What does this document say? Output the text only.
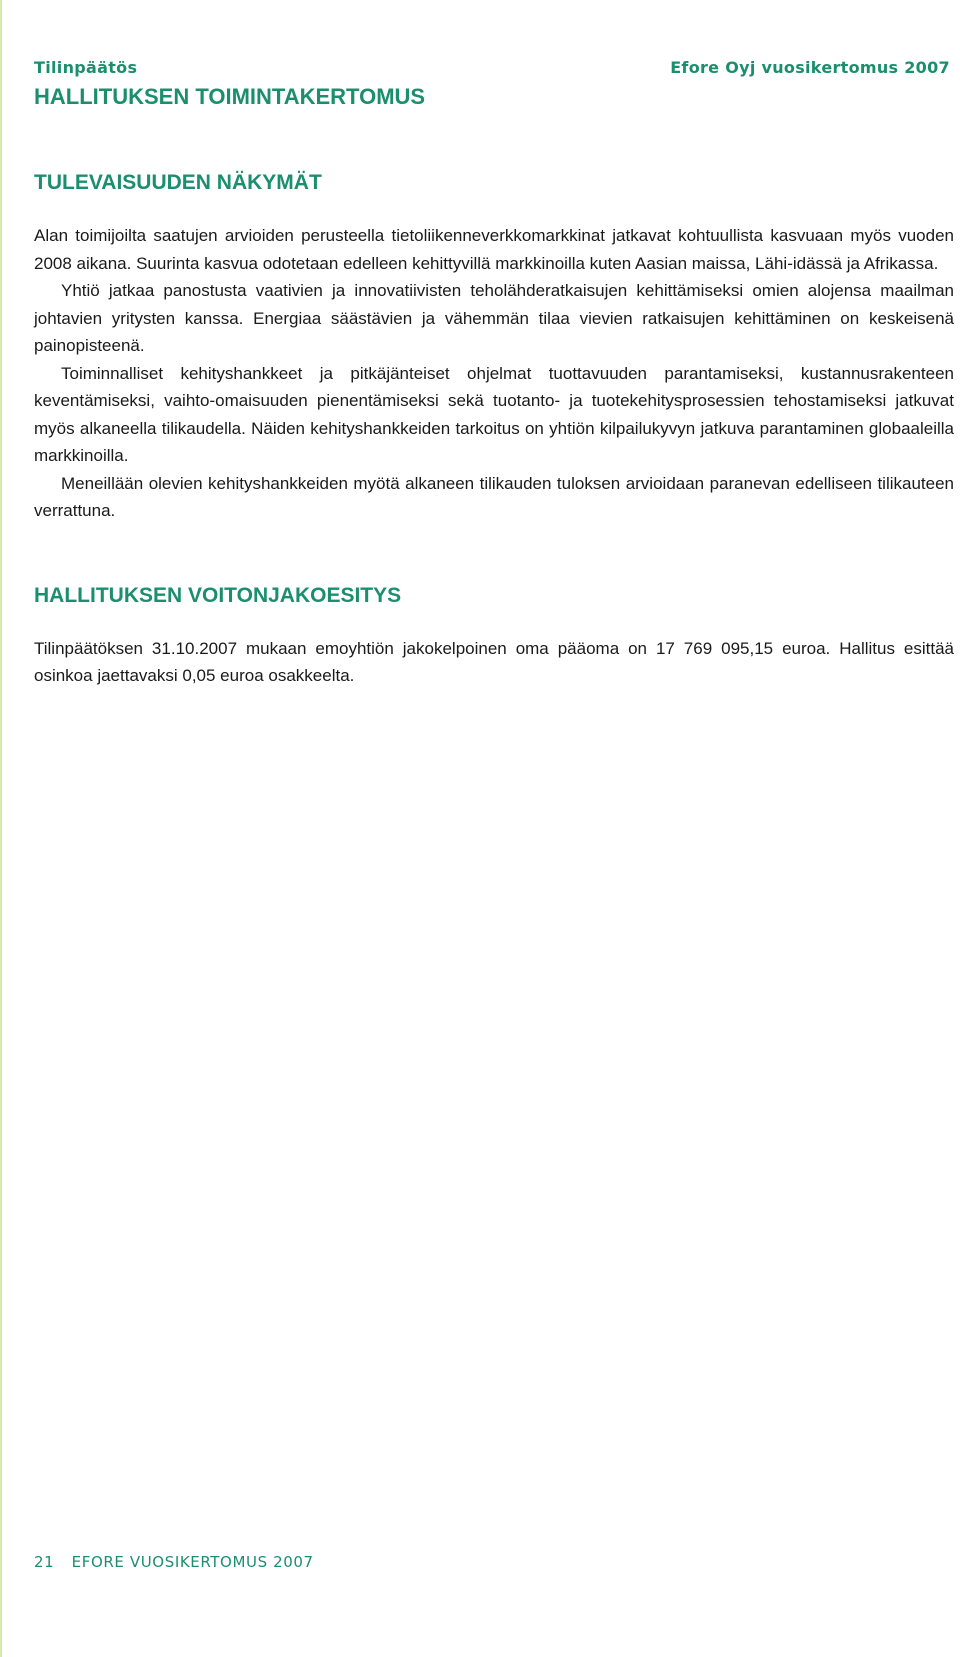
Tilinpäätös
HALLITUKSEN TOIMINTAKERTOMUS
Efore Oyj vuosikertomus 2007
TULEVAISUUDEN NÄKYMÄT

Alan toimijoilta saatujen arvioiden perusteella tietoliikenneverkkomarkkinat jatkavat kohtuullista kasvuaan myös vuoden 2008 aikana. Suurinta kasvua odotetaan edelleen kehittyvillä markkinoilla kuten Aasian maissa, Lähi-idässä ja Afrikassa.

Yhtiö jatkaa panostusta vaativien ja innovatiivisten teholähderatkaisujen kehittämiseksi omien alojensa maailman johtavien yritysten kanssa. Energiaa säästävien ja vähemmän tilaa vievien ratkaisujen kehittäminen on keskeisenä painopisteenä.

Toiminnalliset kehityshankkeet ja pitkäjänteiset ohjelmat tuottavuuden parantamiseksi, kustannusrakenteen keventämiseksi, vaihto-omaisuuden pienentämiseksi sekä tuotanto- ja tuotekehitysprosessien tehostamiseksi jatkuvat myös alkaneella tilikaudella. Näiden kehityshankkeiden tarkoitus on yhtiön kilpailukyvyn jatkuva parantaminen globaaleilla markkinoilla.

Meneillään olevien kehityshankkeiden myötä alkaneen tilikauden tuloksen arvioidaan paranevan edelliseen tilikauteen verrattuna.

HALLITUKSEN VOITONJAKOESITYS

Tilinpäätöksen 31.10.2007 mukaan emoyhtiön jakokelpoinen oma pääoma on 17 769 095,15 euroa. Hallitus esittää osinkoa jaettavaksi 0,05 euroa osakkeelta.

21 EFORE VUOSIKERTOMUS 2007
